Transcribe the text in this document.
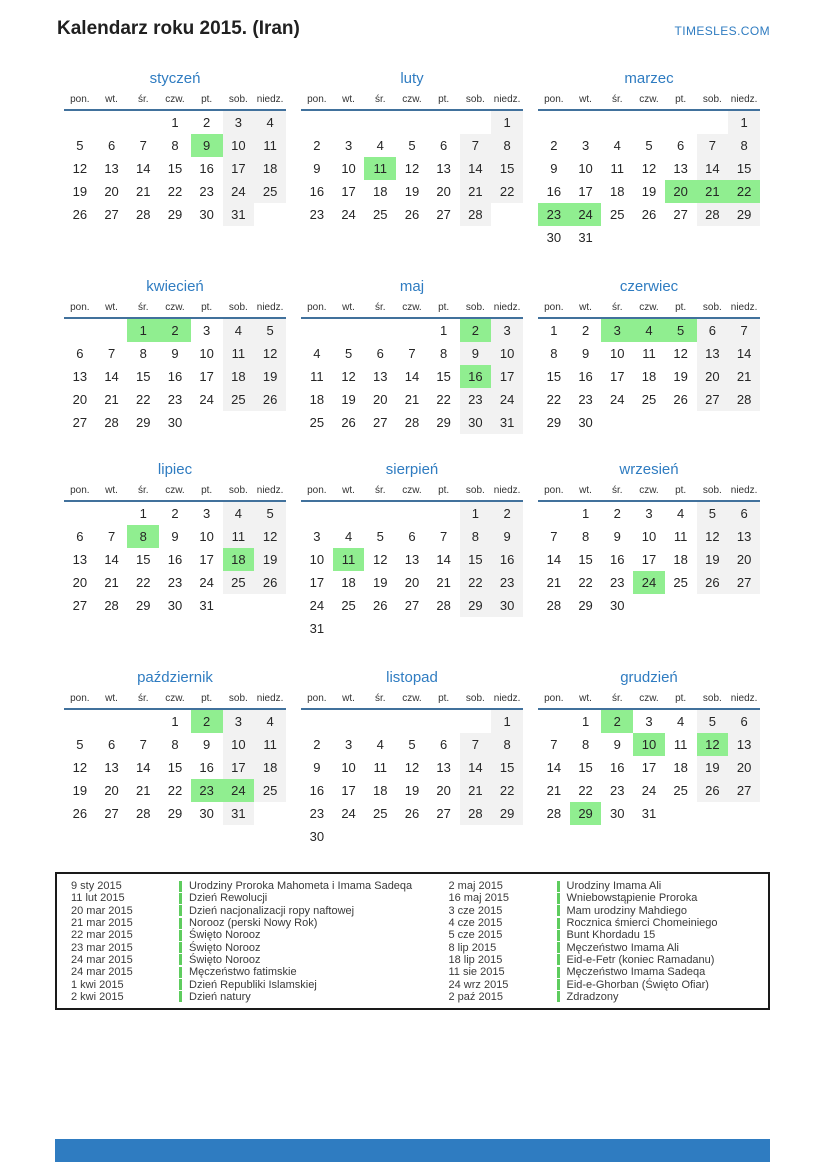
Kalendarz roku 2015. (Iran)	TIMESLES.COM
styczeń
pon.	wt.	śr.	czw.	pt.	sob.	niedz.
			1	2	3	4
5	6	7	8	9	10	11
12	13	14	15	16	17	18
19	20	21	22	23	24	25
26	27	28	29	30	31	
luty
pon.	wt.	śr.	czw.	pt.	sob.	niedz.
						1
2	3	4	5	6	7	8
9	10	11	12	13	14	15
16	17	18	19	20	21	22
23	24	25	26	27	28	
marzec
pon.	wt.	śr.	czw.	pt.	sob.	niedz.
						1
2	3	4	5	6	7	8
9	10	11	12	13	14	15
16	17	18	19	20	21	22
23	24	25	26	27	28	29
30	31					
kwiecień
pon.	wt.	śr.	czw.	pt.	sob.	niedz.
		1	2	3	4	5
6	7	8	9	10	11	12
13	14	15	16	17	18	19
20	21	22	23	24	25	26
27	28	29	30			
maj
pon.	wt.	śr.	czw.	pt.	sob.	niedz.
				1	2	3
4	5	6	7	8	9	10
11	12	13	14	15	16	17
18	19	20	21	22	23	24
25	26	27	28	29	30	31
czerwiec
pon.	wt.	śr.	czw.	pt.	sob.	niedz.
1	2	3	4	5	6	7
8	9	10	11	12	13	14
15	16	17	18	19	20	21
22	23	24	25	26	27	28
29	30					
lipiec
pon.	wt.	śr.	czw.	pt.	sob.	niedz.
		1	2	3	4	5
6	7	8	9	10	11	12
13	14	15	16	17	18	19
20	21	22	23	24	25	26
27	28	29	30	31		
sierpień
pon.	wt.	śr.	czw.	pt.	sob.	niedz.
					1	2
3	4	5	6	7	8	9
10	11	12	13	14	15	16
17	18	19	20	21	22	23
24	25	26	27	28	29	30
31						
wrzesień
pon.	wt.	śr.	czw.	pt.	sob.	niedz.
	1	2	3	4	5	6
7	8	9	10	11	12	13
14	15	16	17	18	19	20
21	22	23	24	25	26	27
28	29	30				
październik
pon.	wt.	śr.	czw.	pt.	sob.	niedz.
			1	2	3	4
5	6	7	8	9	10	11
12	13	14	15	16	17	18
19	20	21	22	23	24	25
26	27	28	29	30	31	
listopad
pon.	wt.	śr.	czw.	pt.	sob.	niedz.
						1
2	3	4	5	6	7	8
9	10	11	12	13	14	15
16	17	18	19	20	21	22
23	24	25	26	27	28	29
30						
grudzień
pon.	wt.	śr.	czw.	pt.	sob.	niedz.
	1	2	3	4	5	6
7	8	9	10	11	12	13
14	15	16	17	18	19	20
21	22	23	24	25	26	27
28	29	30	31			
9 sty 2015	Urodziny Proroka Mahometa i Imama Sadeqa
11 lut 2015	Dzień Rewolucji
20 mar 2015	Dzień nacjonalizacji ropy naftowej
21 mar 2015	Norooz (perski Nowy Rok)
22 mar 2015	Święto Norooz
23 mar 2015	Święto Norooz
24 mar 2015	Święto Norooz
24 mar 2015	Męczeństwo fatimskie
1 kwi 2015	Dzień Republiki Islamskiej
2 kwi 2015	Dzień natury
2 maj 2015	Urodziny Imama Ali
16 maj 2015	Wniebowstąpienie Proroka
3 cze 2015	Mam urodziny Mahdiego
4 cze 2015	Rocznica śmierci Chomeiniego
5 cze 2015	Bunt Khordadu 15
8 lip 2015	Męczeństwo Imama Ali
18 lip 2015	Eid-e-Fetr (koniec Ramadanu)
11 sie 2015	Męczeństwo Imama Sadeqa
24 wrz 2015	Eid-e-Ghorban (Święto Ofiar)
2 paź 2015	Zdradzony
